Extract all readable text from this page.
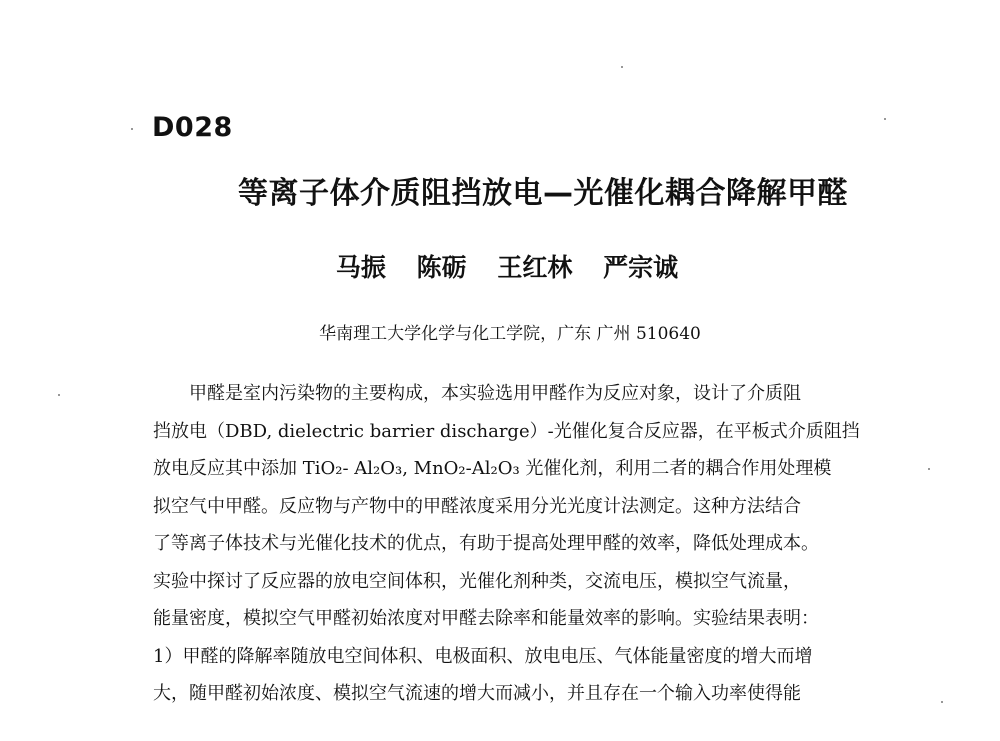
D028
等离子体介质阻挡放电—光催化耦合降解甲醛
马振 陈砺 王红林 严宗诚
华南理工大学化学与化工学院，广东 广州 510640
　　甲醛是室内污染物的主要构成，本实验选用甲醛作为反应对象，设计了介质阻
挡放电（DBD, dielectric barrier discharge）-光催化复合反应器，在平板式介质阻挡
放电反应其中添加 TiO₂- Al₂O₃, MnO₂-Al₂O₃ 光催化剂，利用二者的耦合作用处理模
拟空气中甲醛。反应物与产物中的甲醛浓度采用分光光度计法测定。这种方法结合
了等离子体技术与光催化技术的优点，有助于提高处理甲醛的效率，降低处理成本。
实验中探讨了反应器的放电空间体积，光催化剂种类，交流电压，模拟空气流量，
能量密度，模拟空气甲醛初始浓度对甲醛去除率和能量效率的影响。实验结果表明：
1）甲醛的降解率随放电空间体积、电极面积、放电电压、气体能量密度的增大而增
大，随甲醛初始浓度、模拟空气流速的增大而减小，并且存在一个输入功率使得能
